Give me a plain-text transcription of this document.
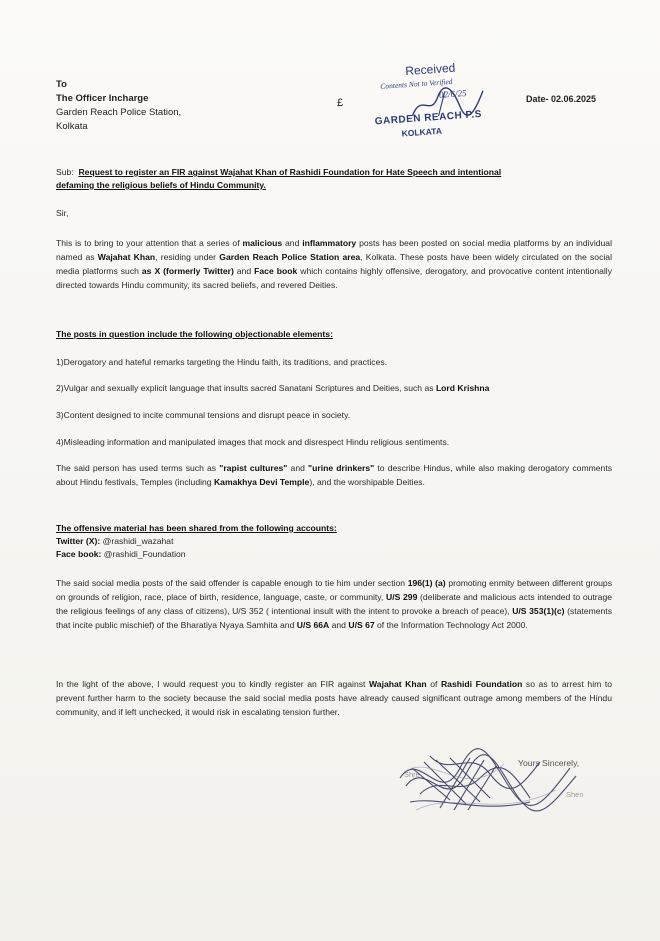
To
The Officer Incharge
Garden Reach Police Station,
Kolkata
£	Date- 02.06.2025
Received
Contents Not to Verified
02/6/25
GARDEN REACH P.S
KOLKATA
Sub: Request to register an FIR against Wajahat Khan of Rashidi Foundation for Hate Speech and intentional
defaming the religious beliefs of Hindu Community.
Sir,
This is to bring to your attention that a series of malicious and inflammatory posts has been posted on social media platforms by an individual named as Wajahat Khan, residing under Garden Reach Police Station area, Kolkata. These posts have been widely circulated on the social media platforms such as X (formerly Twitter) and Face book which contains highly offensive, derogatory, and provocative content intentionally directed towards Hindu community, its sacred beliefs, and revered Deities.
The posts in question include the following objectionable elements:
1)Derogatory and hateful remarks targeting the Hindu faith, its traditions, and practices.
2)Vulgar and sexually explicit language that insults sacred Sanatani Scriptures and Deities, such as Lord Krishna
3)Content designed to incite communal tensions and disrupt peace in society.
4)Misleading information and manipulated images that mock and disrespect Hindu religious sentiments.
The said person has used terms such as "rapist cultures" and "urine drinkers" to describe Hindus, while also making derogatory comments about Hindu festivals, Temples (including Kamakhya Devi Temple), and the worshipable Deities.
The offensive material has been shared from the following accounts:
Twitter (X): @rashidi_wazahat
Face book: @rashidi_Foundation
The said social media posts of the said offender is capable enough to tie him under section 196(1) (a) promoting enmity between different groups on grounds of religion, race, place of birth, residence, language, caste, or community, U/S 299 (deliberate and malicious acts intended to outrage the religious feelings of any class of citizens), U/S 352 ( intentional insult with the intent to provoke a breach of peace), U/S 353(1)(c) (statements that incite public mischief) of the Bharatiya Nyaya Samhita and U/S 66A and U/S 67 of the Information Technology Act 2000.
In the light of the above, I would request you to kindly register an FIR against Wajahat Khan of Rashidi Foundation so as to arrest him to prevent further harm to the society because the said social media posts have already caused significant outrage among members of the Hindu community, and if left unchecked, it would risk in escalating tension further.
Yours Sincerely,
Shre
Shen
